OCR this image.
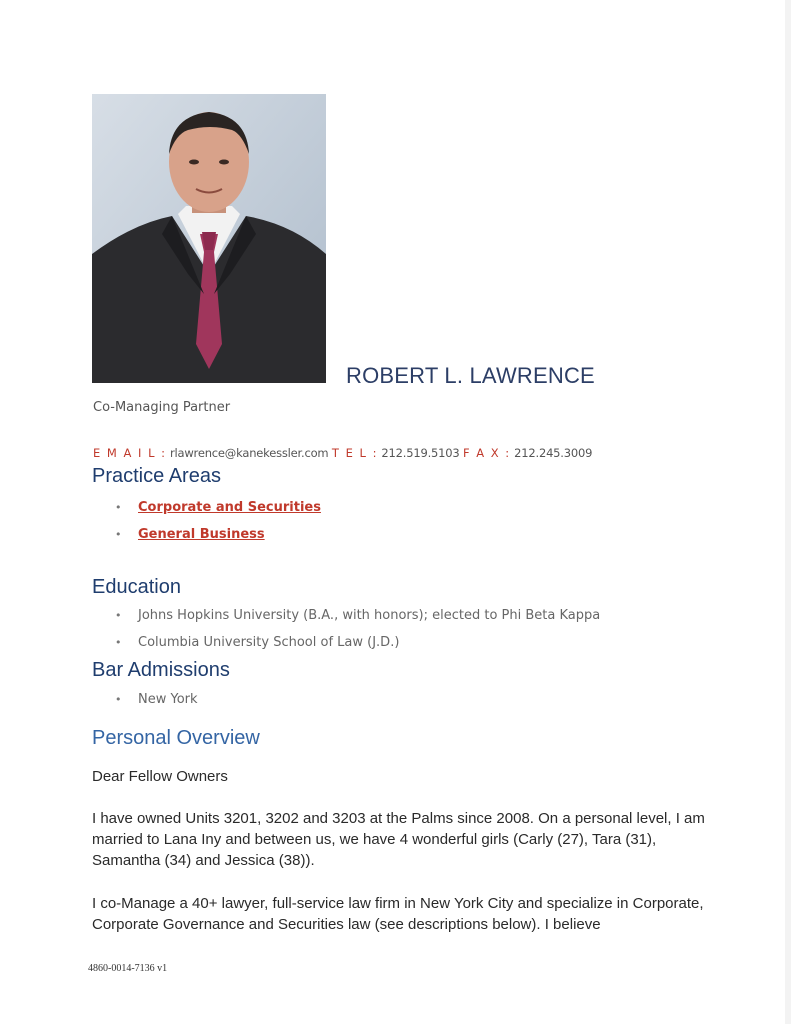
ROBERT L. LAWRENCE
Co-Managing Partner
E M A I L : rlawrence@kanekessler.com T E L : 212.519.5103 F A X : 212.245.3009
Practice Areas
• Corporate and Securities
• General Business
Education
• Johns Hopkins University (B.A., with honors); elected to Phi Beta Kappa
• Columbia University School of Law (J.D.)
Bar Admissions
• New York
Personal Overview
Dear Fellow Owners
I have owned Units 3201, 3202 and 3203 at the Palms since 2008. On a personal level, I am married to Lana Iny and between us, we have 4 wonderful girls (Carly (27), Tara (31), Samantha (34) and Jessica (38)).
I co-Manage a 40+ lawyer, full-service law firm in New York City and specialize in Corporate, Corporate Governance and Securities law (see descriptions below). I believe
4860-0014-7136 v1
